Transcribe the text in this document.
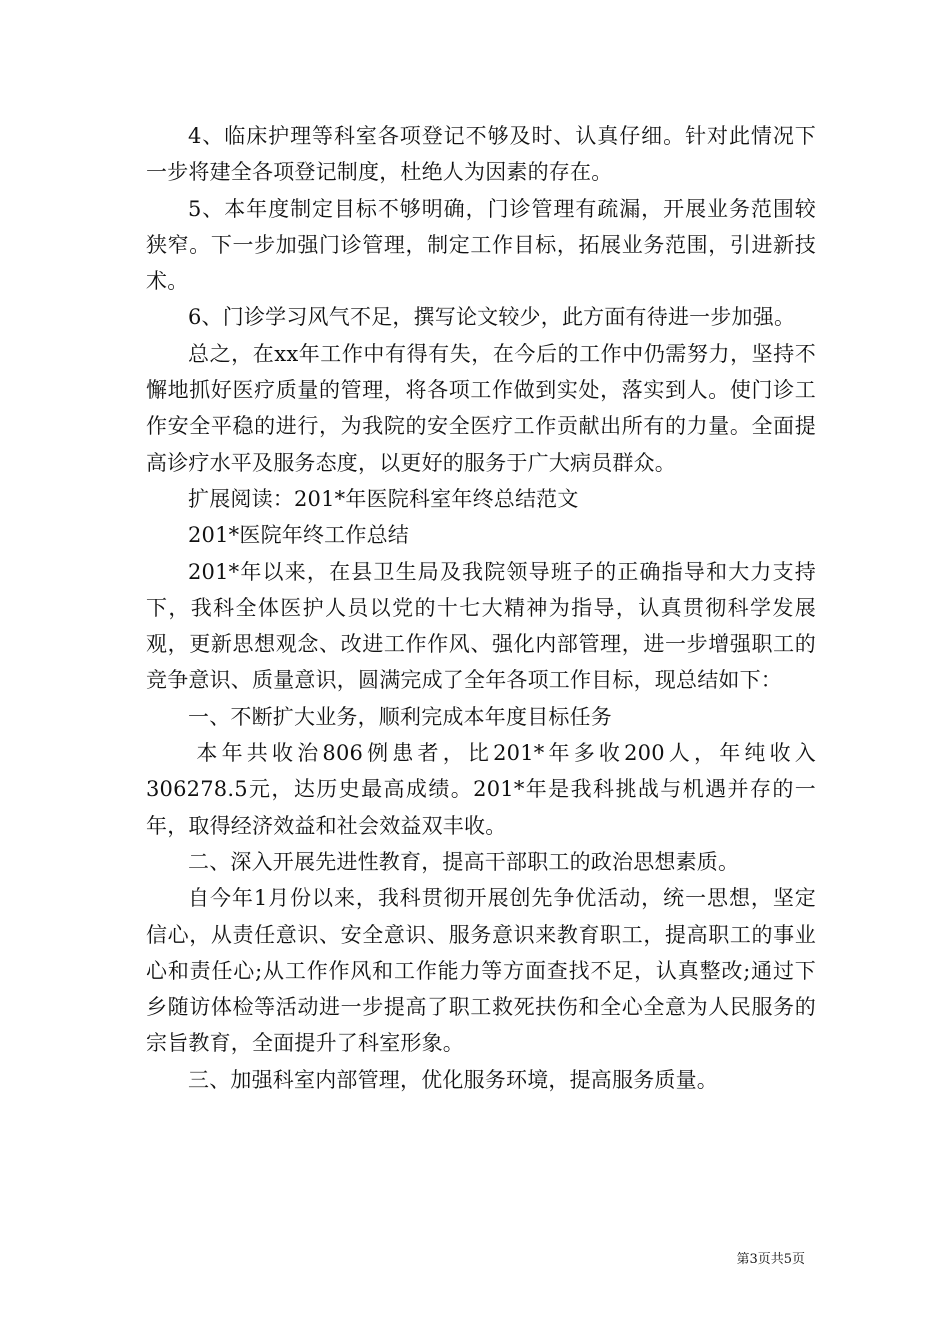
4、临床护理等科室各项登记不够及时、认真仔细。针对此情况下一步将建全各项登记制度，杜绝人为因素的存在。

5、本年度制定目标不够明确，门诊管理有疏漏，开展业务范围较狭窄。下一步加强门诊管理，制定工作目标，拓展业务范围，引进新技术。

6、门诊学习风气不足，撰写论文较少，此方面有待进一步加强。

总之，在xx年工作中有得有失，在今后的工作中仍需努力，坚持不懈地抓好医疗质量的管理，将各项工作做到实处，落实到人。使门诊工作安全平稳的进行，为我院的安全医疗工作贡献出所有的力量。全面提高诊疗水平及服务态度，以更好的服务于广大病员群众。

扩展阅读：201*年医院科室年终总结范文

201*医院年终工作总结

201*年以来，在县卫生局及我院领导班子的正确指导和大力支持下，我科全体医护人员以党的十七大精神为指导，认真贯彻科学发展观，更新思想观念、改进工作作风、强化内部管理，进一步增强职工的竞争意识、质量意识，圆满完成了全年各项工作目标，现总结如下：

一、不断扩大业务，顺利完成本年度目标任务

本年共收治806例患者，比201*年多收200人，年纯收入306278.5元，达历史最高成绩。201*年是我科挑战与机遇并存的一年，取得经济效益和社会效益双丰收。

二、深入开展先进性教育，提高干部职工的政治思想素质。

自今年1月份以来，我科贯彻开展创先争优活动，统一思想，坚定信心，从责任意识、安全意识、服务意识来教育职工，提高职工的事业心和责任心;从工作作风和工作能力等方面查找不足，认真整改;通过下乡随访体检等活动进一步提高了职工救死扶伤和全心全意为人民服务的宗旨教育，全面提升了科室形象。

三、加强科室内部管理，优化服务环境，提高服务质量。

第3页共5页
